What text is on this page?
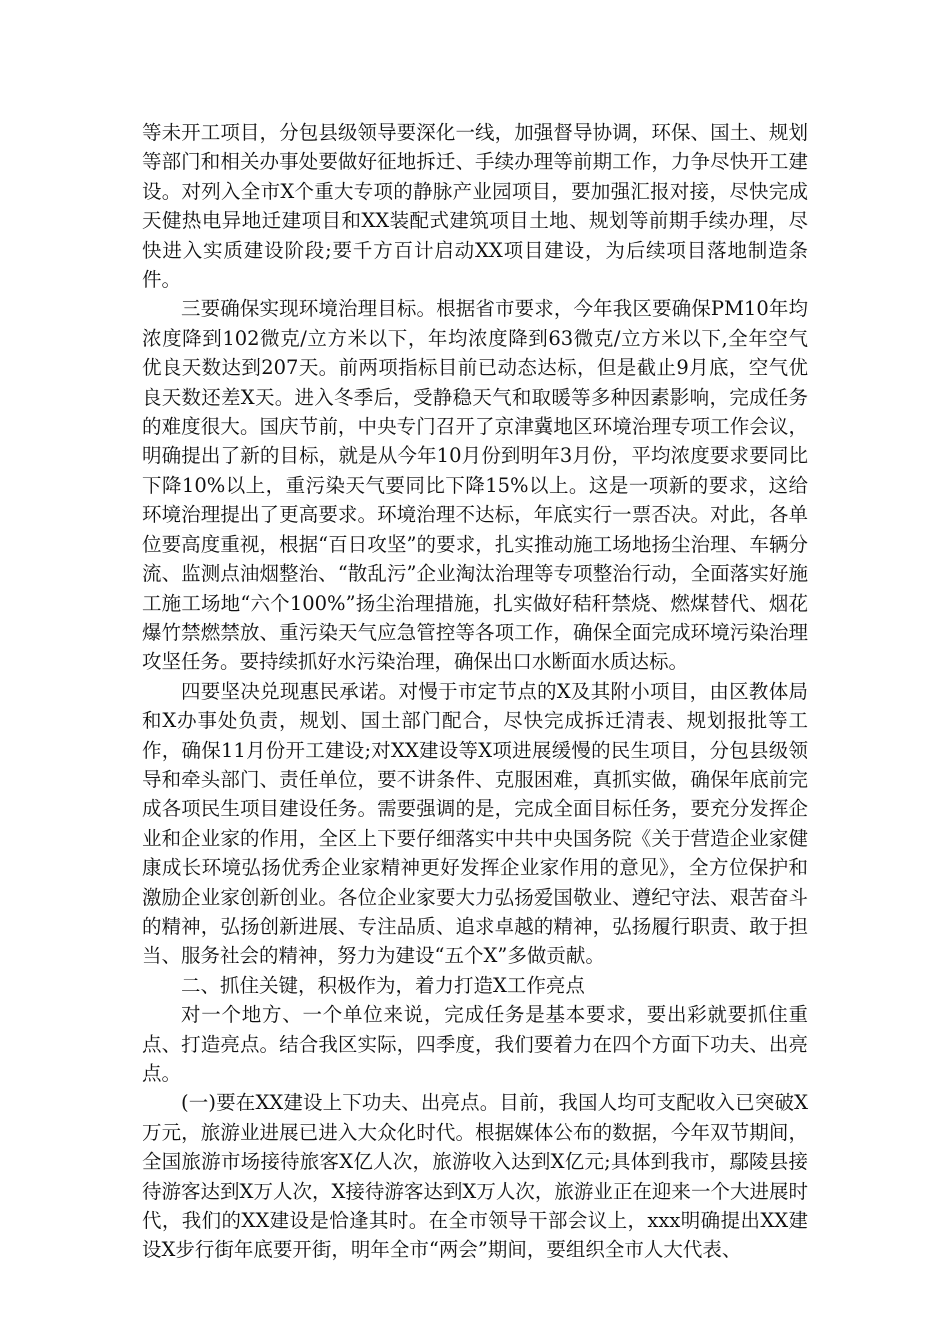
等未开工项目，分包县级领导要深化一线，加强督导协调，环保、国土、规划等部门和相关办事处要做好征地拆迁、手续办理等前期工作，力争尽快开工建设。对列入全市X个重大专项的静脉产业园项目，要加强汇报对接，尽快完成天健热电异地迁建项目和XX装配式建筑项目土地、规划等前期手续办理，尽快进入实质建设阶段;要千方百计启动XX项目建设，为后续项目落地制造条件。

三要确保实现环境治理目标。根据省市要求，今年我区要确保PM10年均浓度降到102微克/立方米以下，年均浓度降到63微克/立方米以下,全年空气优良天数达到207天。前两项指标目前已动态达标，但是截止9月底，空气优良天数还差X天。进入冬季后，受静稳天气和取暖等多种因素影响，完成任务的难度很大。国庆节前，中央专门召开了京津冀地区环境治理专项工作会议，明确提出了新的目标，就是从今年10月份到明年3月份，平均浓度要求要同比下降10%以上，重污染天气要同比下降15%以上。这是一项新的要求，这给环境治理提出了更高要求。环境治理不达标，年底实行一票否决。对此，各单位要高度重视，根据“百日攻坚”的要求，扎实推动施工场地扬尘治理、车辆分流、监测点油烟整治、“散乱污”企业淘汰治理等专项整治行动，全面落实好施工施工场地“六个100%”扬尘治理措施，扎实做好秸秆禁烧、燃煤替代、烟花爆竹禁燃禁放、重污染天气应急管控等各项工作，确保全面完成环境污染治理攻坚任务。要持续抓好水污染治理，确保出口水断面水质达标。

四要坚决兑现惠民承诺。对慢于市定节点的X及其附小项目，由区教体局和X办事处负责，规划、国土部门配合，尽快完成拆迁清表、规划报批等工作，确保11月份开工建设;对XX建设等X项进展缓慢的民生项目，分包县级领导和牵头部门、责任单位，要不讲条件、克服困难，真抓实做，确保年底前完成各项民生项目建设任务。需要强调的是，完成全面目标任务，要充分发挥企业和企业家的作用，全区上下要仔细落实中共中央国务院《关于营造企业家健康成长环境弘扬优秀企业家精神更好发挥企业家作用的意见》，全方位保护和激励企业家创新创业。各位企业家要大力弘扬爱国敬业、遵纪守法、艰苦奋斗的精神，弘扬创新进展、专注品质、追求卓越的精神，弘扬履行职责、敢于担当、服务社会的精神，努力为建设“五个X”多做贡献。

二、抓住关键，积极作为，着力打造X工作亮点

对一个地方、一个单位来说，完成任务是基本要求，要出彩就要抓住重点、打造亮点。结合我区实际，四季度，我们要着力在四个方面下功夫、出亮点。

(一)要在XX建设上下功夫、出亮点。目前，我国人均可支配收入已突破X万元，旅游业进展已进入大众化时代。根据媒体公布的数据，今年双节期间，全国旅游市场接待旅客X亿人次，旅游收入达到X亿元;具体到我市，鄢陵县接待游客达到X万人次，X接待游客达到X万人次，旅游业正在迎来一个大进展时代，我们的XX建设是恰逢其时。在全市领导干部会议上，xxx明确提出XX建设X步行街年底要开街，明年全市“两会”期间，要组织全市人大代表、
